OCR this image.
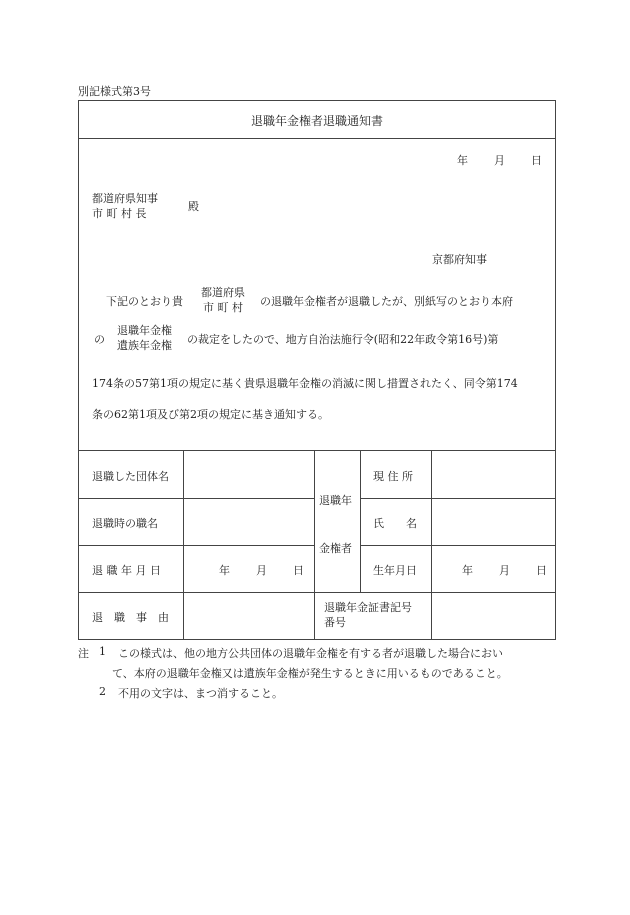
別記様式第3号
退職年金権者退職通知書
年 月 日
都道府県知事
市 町 村 長
殿
京都府知事
下記のとおり貴
都道府県
市 町 村 の退職年金権者が退職したが、別紙写のとおり本府
の
退職年金権
遺族年金権 の裁定をしたので、地方自治法施行令(昭和22年政令第16号)第
174条の57第1項の規定に基く貴県退職年金権の消滅に関し措置されたく、同令第174
条の62第1項及び第2項の規定に基き通知する。
退職した団体名
退職時の職名
退 職 年 月 日
退　職　事　由
年 月 日
退職年
金権者
現 住 所
氏　　名
生年月日	年 月 日
退職年金証書記号
番号
注 1 この様式は、他の地方公共団体の退職年金権を有する者が退職した場合におい
て、本府の退職年金権又は遺族年金権が発生するときに用いるものであること。
2 不用の文字は、まつ消すること。
